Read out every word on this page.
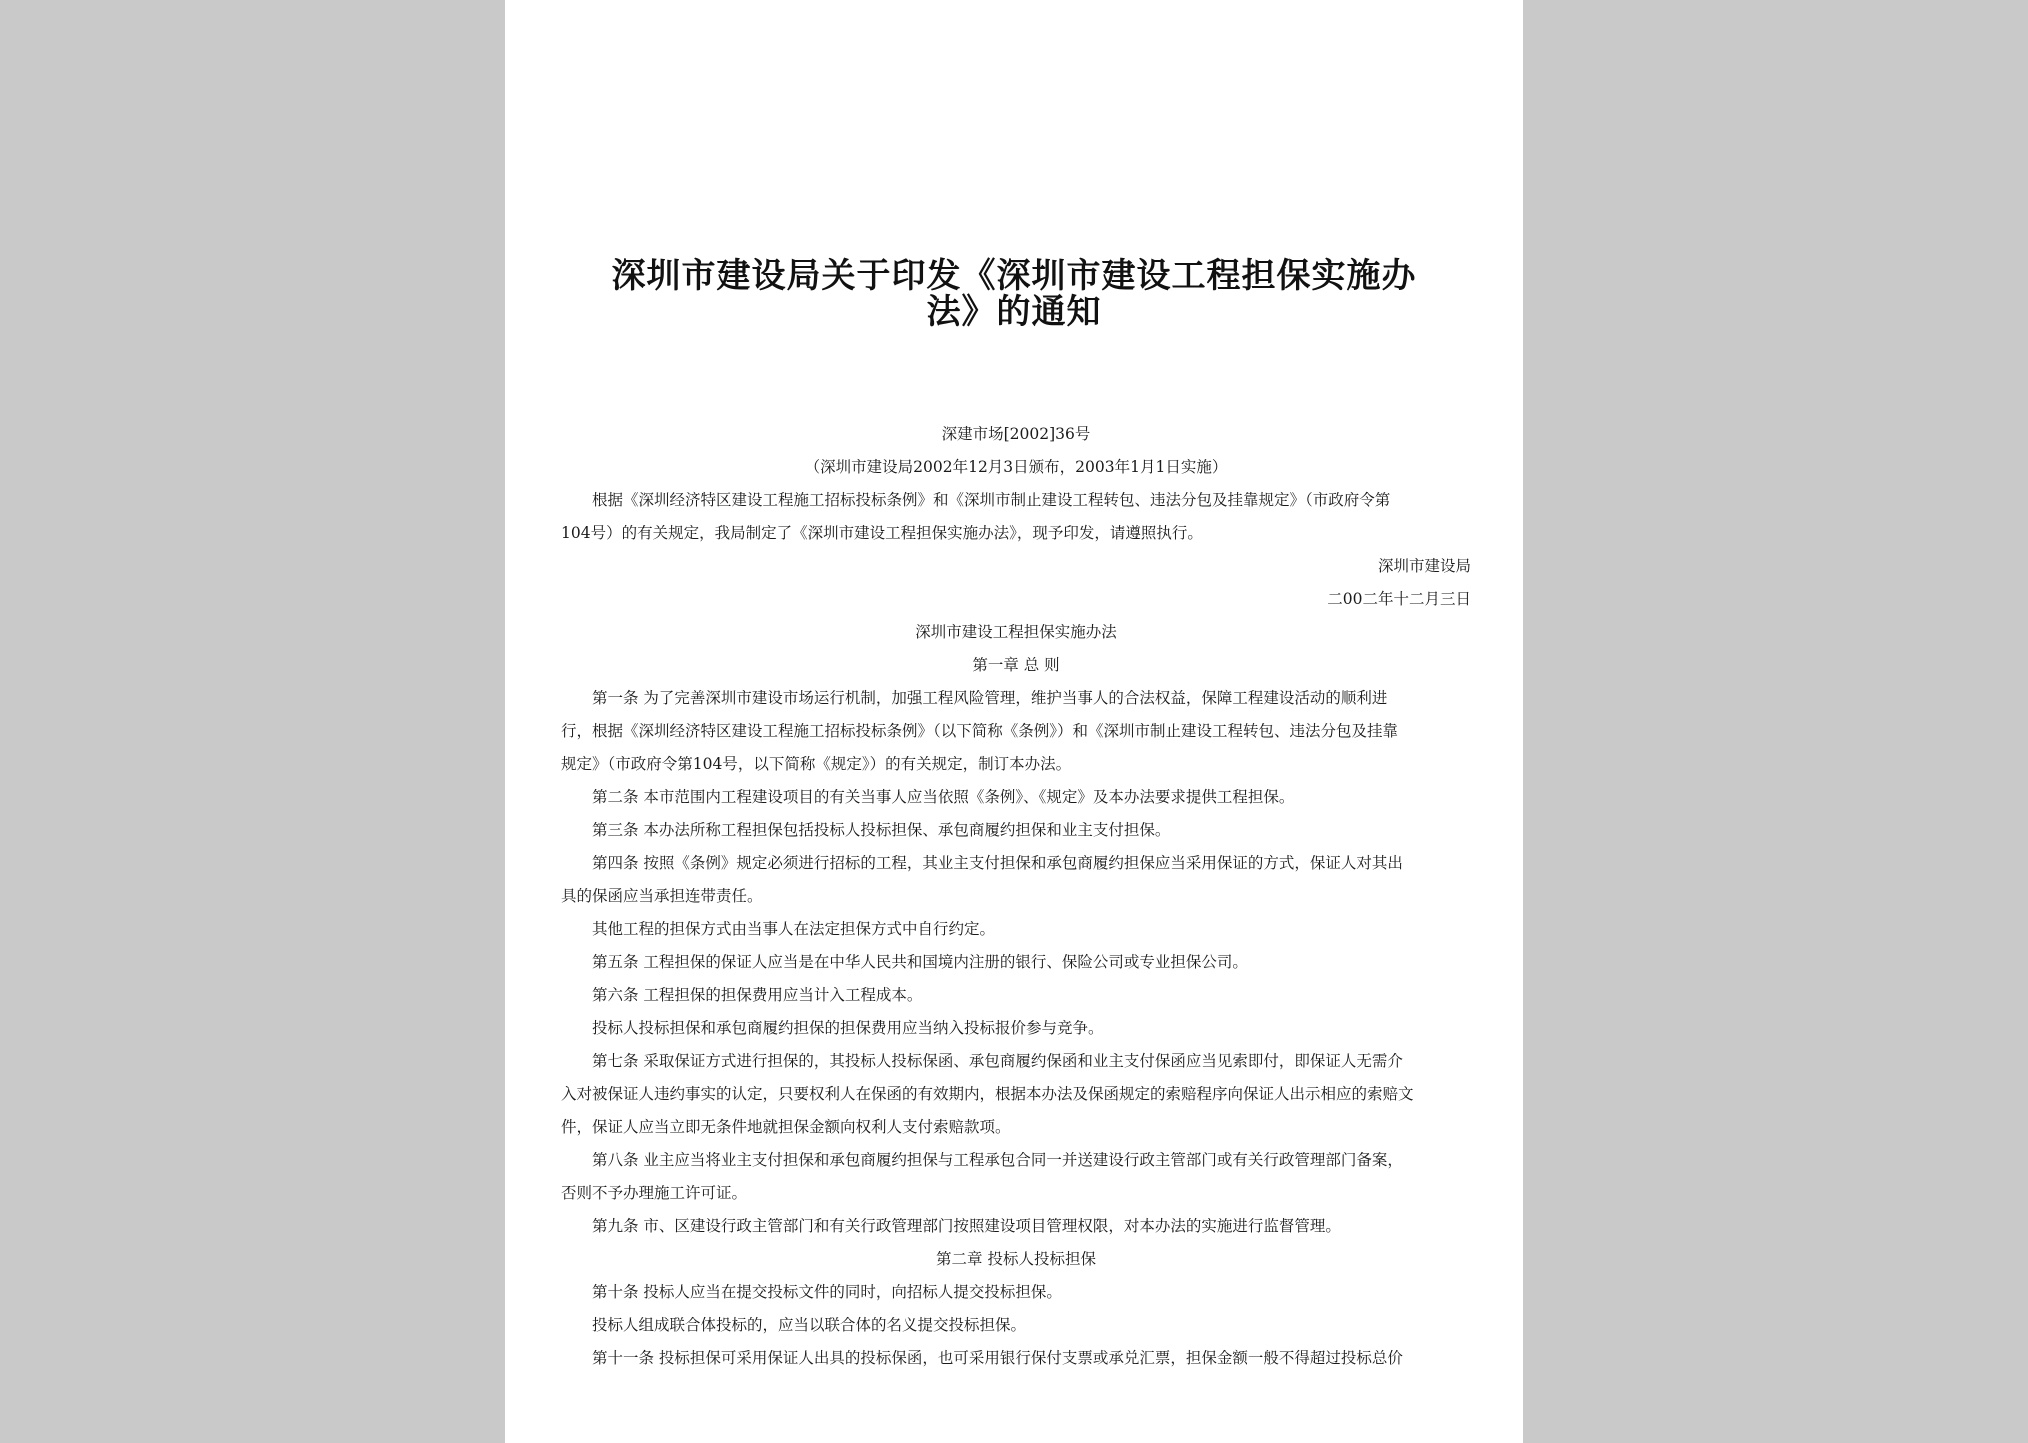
深圳市建设局关于印发《深圳市建设工程担保实施办
法》的通知
深建市场[2002]36号
（深圳市建设局2002年12月3日颁布，2003年1月1日实施）
根据《深圳经济特区建设工程施工招标投标条例》和《深圳市制止建设工程转包、违法分包及挂靠规定》（市政府令第
104号）的有关规定，我局制定了《深圳市建设工程担保实施办法》，现予印发，请遵照执行。
深圳市建设局
二00二年十二月三日
深圳市建设工程担保实施办法
第一章 总 则
第一条 为了完善深圳市建设市场运行机制，加强工程风险管理，维护当事人的合法权益，保障工程建设活动的顺利进
行，根据《深圳经济特区建设工程施工招标投标条例》（以下简称《条例》）和《深圳市制止建设工程转包、违法分包及挂靠
规定》（市政府令第104号，以下简称《规定》）的有关规定，制订本办法。
第二条 本市范围内工程建设项目的有关当事人应当依照《条例》、《规定》及本办法要求提供工程担保。
第三条 本办法所称工程担保包括投标人投标担保、承包商履约担保和业主支付担保。
第四条 按照《条例》规定必须进行招标的工程，其业主支付担保和承包商履约担保应当采用保证的方式，保证人对其出
具的保函应当承担连带责任。
其他工程的担保方式由当事人在法定担保方式中自行约定。
第五条 工程担保的保证人应当是在中华人民共和国境内注册的银行、保险公司或专业担保公司。
第六条 工程担保的担保费用应当计入工程成本。
投标人投标担保和承包商履约担保的担保费用应当纳入投标报价参与竞争。
第七条 采取保证方式进行担保的，其投标人投标保函、承包商履约保函和业主支付保函应当见索即付，即保证人无需介
入对被保证人违约事实的认定，只要权利人在保函的有效期内，根据本办法及保函规定的索赔程序向保证人出示相应的索赔文
件，保证人应当立即无条件地就担保金额向权利人支付索赔款项。
第八条 业主应当将业主支付担保和承包商履约担保与工程承包合同一并送建设行政主管部门或有关行政管理部门备案，
否则不予办理施工许可证。
第九条 市、区建设行政主管部门和有关行政管理部门按照建设项目管理权限，对本办法的实施进行监督管理。
第二章 投标人投标担保
第十条 投标人应当在提交投标文件的同时，向招标人提交投标担保。
投标人组成联合体投标的，应当以联合体的名义提交投标担保。
第十一条 投标担保可采用保证人出具的投标保函，也可采用银行保付支票或承兑汇票，担保金额一般不得超过投标总价
